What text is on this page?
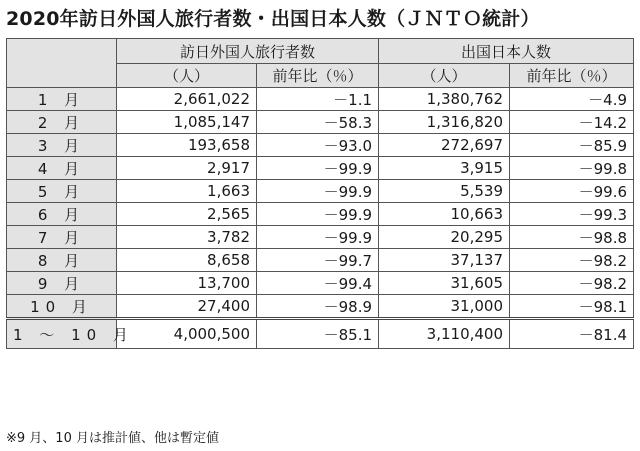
2020年訪日外国人旅行者数・出国日本人数（ＪＮＴＯ統計）
	訪日外国人旅行者数		出国日本人数	
	（人）	前年比（％）	（人）	前年比（％）
1 月	2,661,022	－1.1	1,380,762	－4.9
2 月	1,085,147	－58.3	1,316,820	－14.2
3 月	193,658	－93.0	272,697	－85.9
4 月	2,917	－99.9	3,915	－99.8
5 月	1,663	－99.9	5,539	－99.6
6 月	2,565	－99.9	10,663	－99.3
7 月	3,782	－99.9	20,295	－98.8
8 月	8,658	－99.7	37,137	－98.2
9 月	13,700	－99.4	31,605	－98.2
10 月	27,400	－98.9	31,000	－98.1
1 ～ 10 月	4,000,500	－85.1	3,110,400	－81.4
※9 月、10 月は推計値、他は暫定値
